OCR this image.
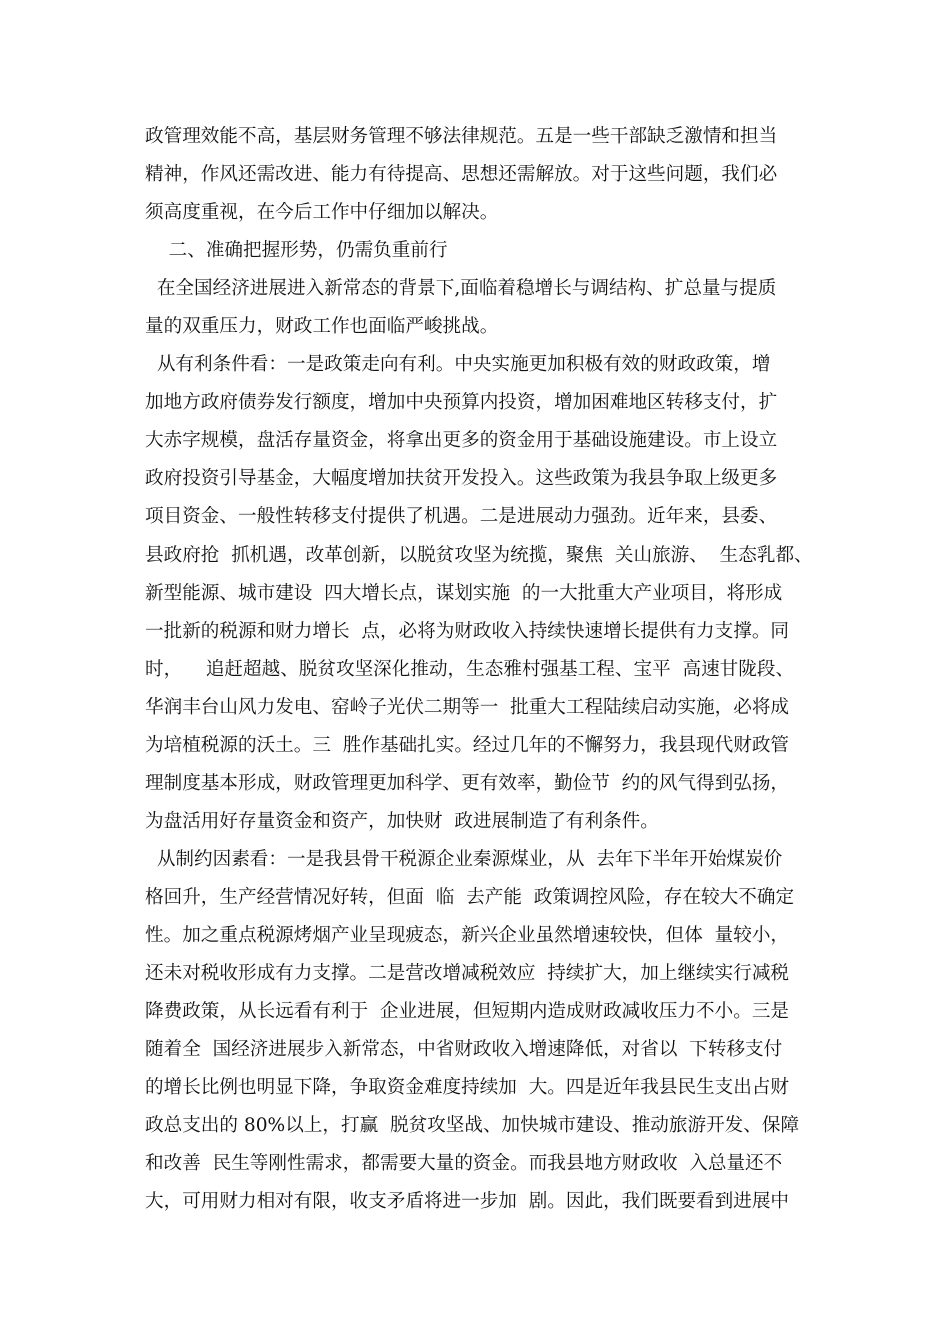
政管理效能不高，基层财务管理不够法律规范。五是一些干部缺乏激情和担当
精神，作风还需改进、能力有待提高、思想还需解放。对于这些问题，我们必
须高度重视，在今后工作中仔细加以解决。
二、准确把握形势，仍需负重前行
在全国经济进展进入新常态的背景下,面临着稳增长与调结构、扩总量与提质
量的双重压力，财政工作也面临严峻挑战。
从有利条件看：一是政策走向有利。中央实施更加积极有效的财政政策，增
加地方政府债券发行额度，增加中央预算内投资，增加困难地区转移支付，扩
大赤字规模，盘活存量资金，将拿出更多的资金用于基础设施建设。市上设立
政府投资引导基金，大幅度增加扶贫开发投入。这些政策为我县争取上级更多
项目资金、一般性转移支付提供了机遇。二是进展动力强劲。近年来，县委、
县政府抢  抓机遇，改革创新，以脱贫攻坚为统揽，聚焦  关山旅游、  生态乳都、
新型能源、城市建设  四大增长点，谋划实施  的一大批重大产业项目，将形成
一批新的税源和财力增长  点，必将为财政收入持续快速增长提供有力支撑。同
时，    追赶超越、脱贫攻坚深化推动，生态雅村强基工程、宝平  高速甘陇段、
华润丰台山风力发电、窑岭子光伏二期等一  批重大工程陆续启动实施，必将成
为培植税源的沃土。三  胜作基础扎实。经过几年的不懈努力，我县现代财政管
理制度基本形成，财政管理更加科学、更有效率，勤俭节  约的风气得到弘扬，
为盘活用好存量资金和资产，加快财  政进展制造了有利条件。
从制约因素看：一是我县骨干税源企业秦源煤业，从  去年下半年开始煤炭价
格回升，生产经营情况好转，但面  临  去产能  政策调控风险，存在较大不确定
性。加之重点税源烤烟产业呈现疲态，新兴企业虽然增速较快，但体  量较小，
还未对税收形成有力支撑。二是营改增减税效应  持续扩大，加上继续实行减税
降费政策，从长远看有利于  企业进展，但短期内造成财政减收压力不小。三是
随着全  国经济进展步入新常态，中省财政收入增速降低，对省以  下转移支付
的增长比例也明显下降，争取资金难度持续加  大。四是近年我县民生支出占财
政总支出的 80%以上，打赢  脱贫攻坚战、加快城市建设、推动旅游开发、保障
和改善  民生等刚性需求，都需要大量的资金。而我县地方财政收  入总量还不
大，可用财力相对有限，收支矛盾将进一步加  剧。因此，我们既要看到进展中
